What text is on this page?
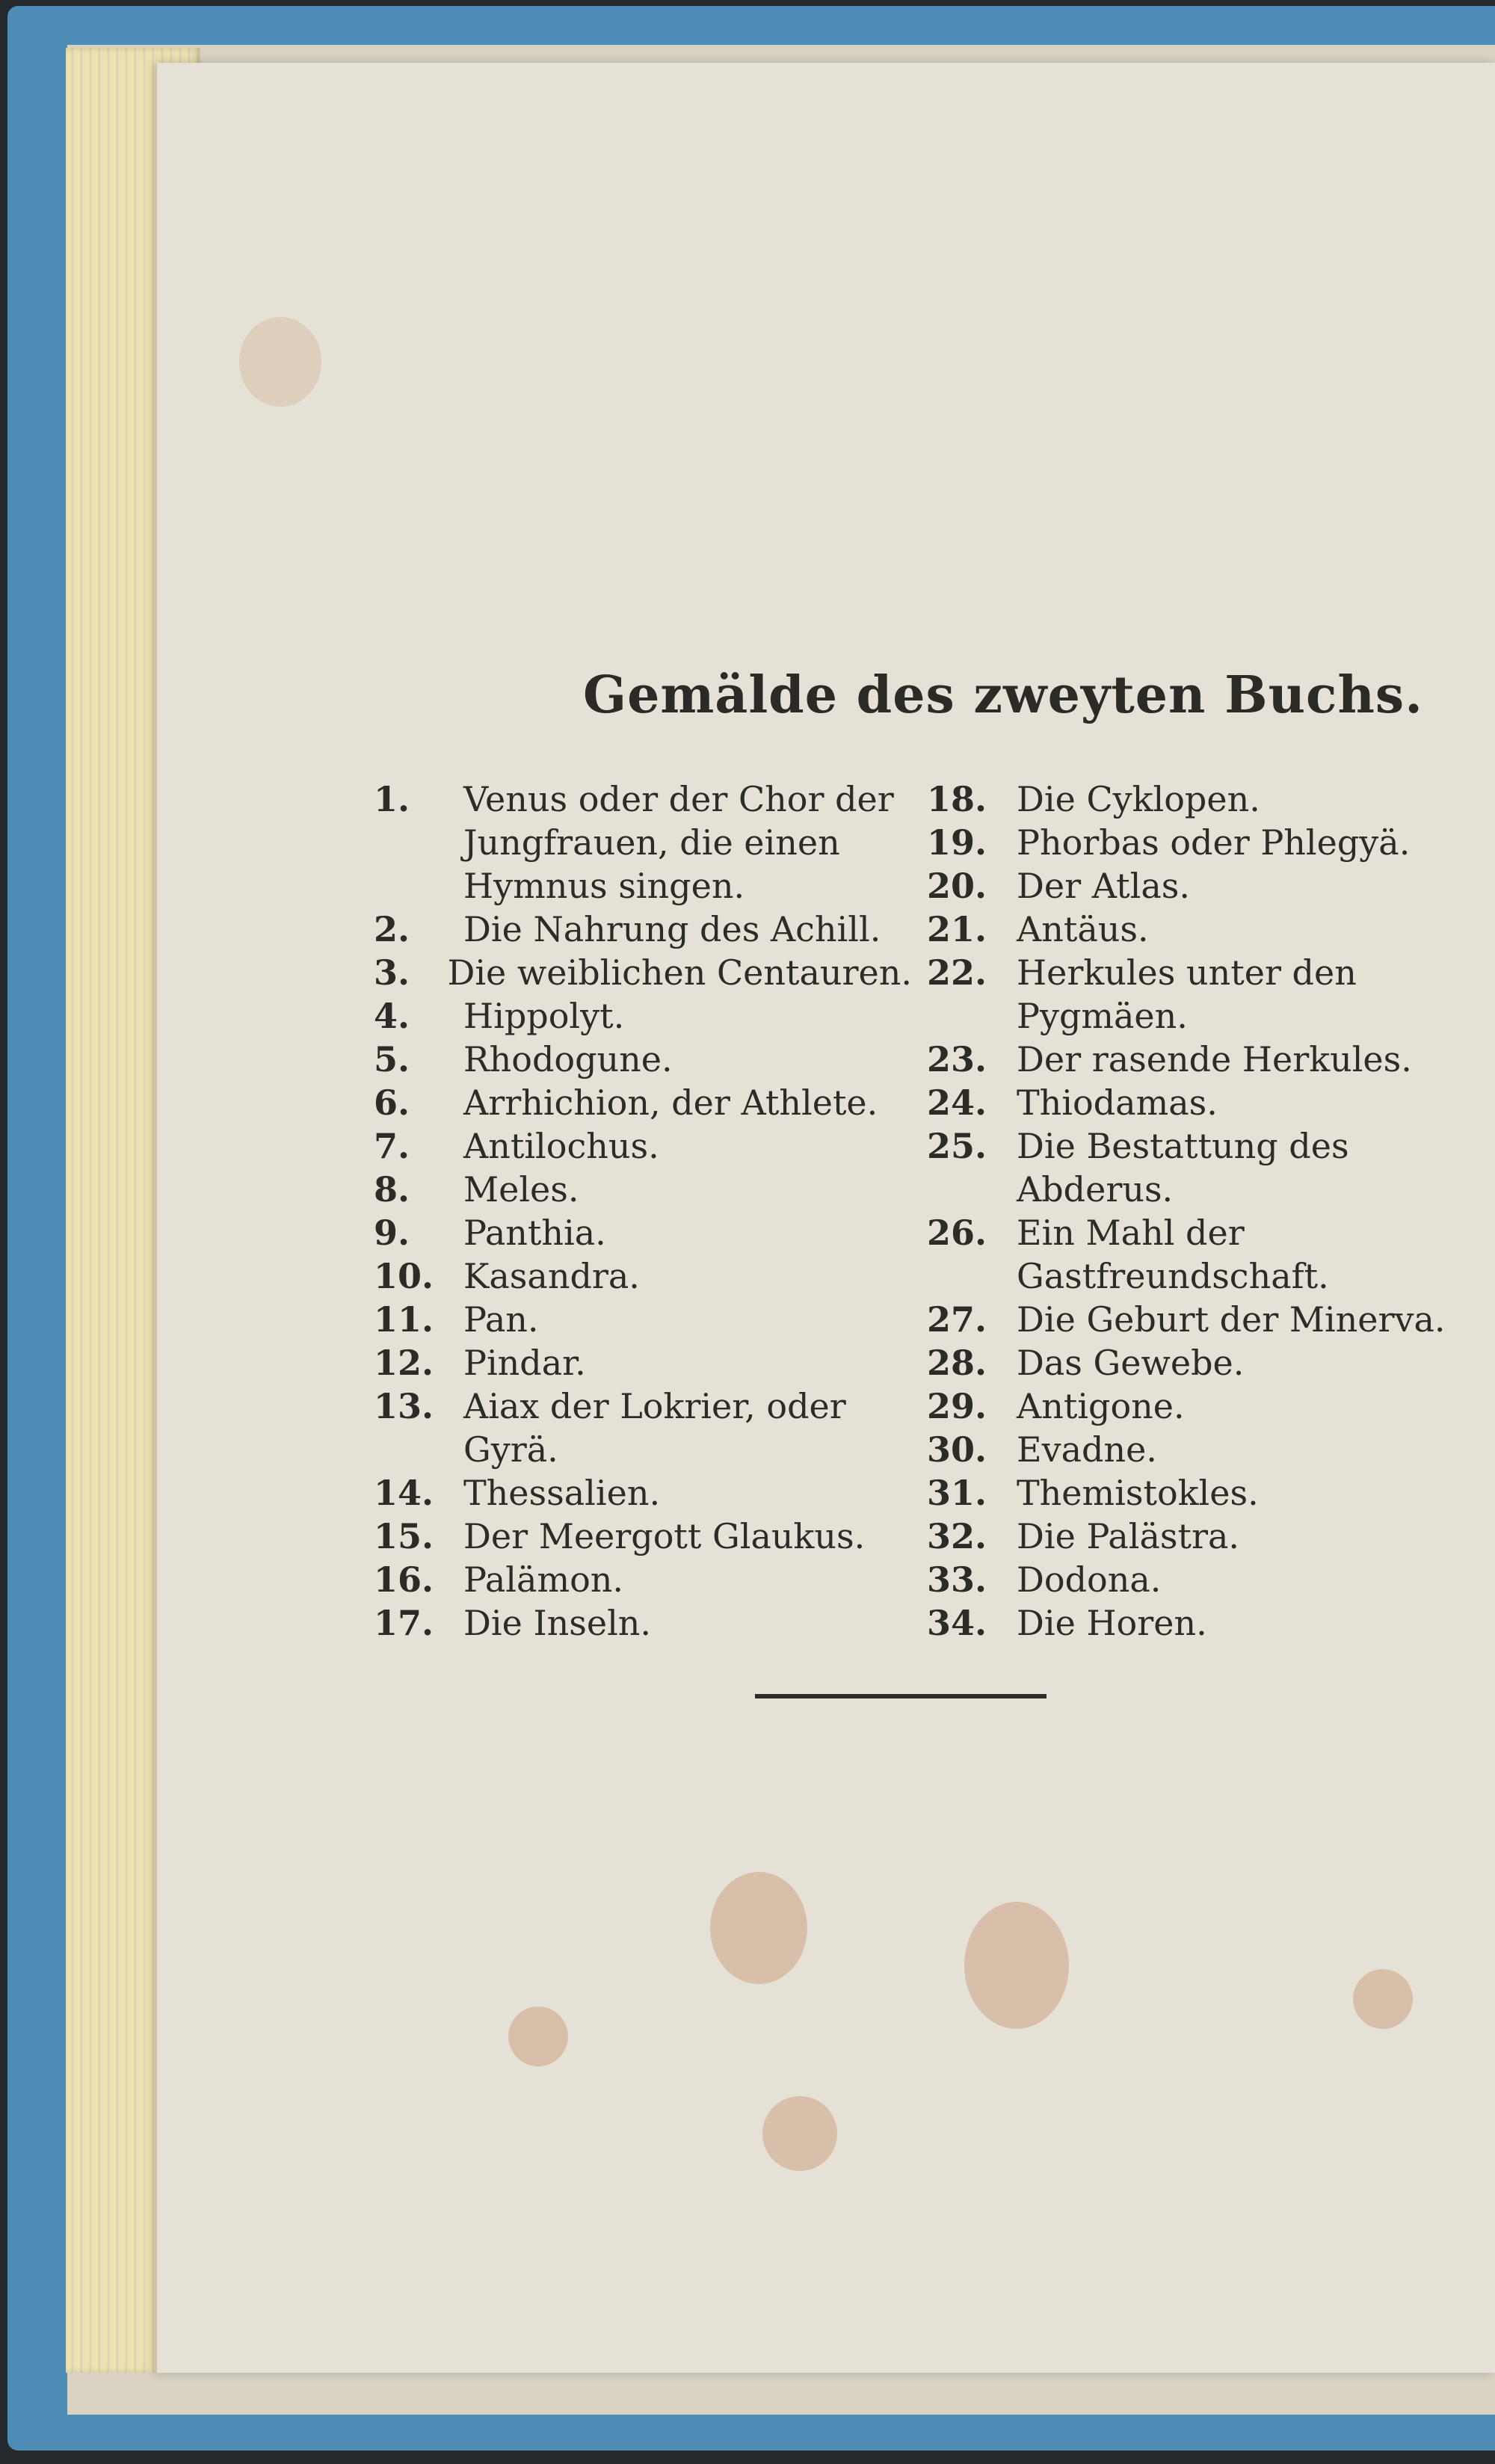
Gemälde des zweyten Buchs.
1.	Venus oder der Chor der Jungfrauen, die einen Hymnus singen.
2.	Die Nahrung des Achill.
3.	Die weiblichen Centauren.
4.	Hippolyt.
5.	Rhodogune.
6.	Arrhichion, der Athlete.
7.	Antilochus.
8.	Meles.
9.	Panthia.
10. Kasandra.
11. Pan.
12. Pindar.
13. Aiax der Lokrier, oder Gyrä.
14. Thessalien.
15. Der Meergott Glaukus.
16. Palämon.
17. Die Inseln.
18. Die Cyklopen.
19. Phorbas oder Phlegyä.
20. Der Atlas.
21. Antäus.
22. Herkules unter den Pygmäen.
23. Der rasende Herkules.
24. Thiodamas.
25. Die Bestattung des Abderus.
26. Ein Mahl der Gastfreundschaft.
27. Die Geburt der Minerva.
28. Das Gewebe.
29. Antigone.
30. Evadne.
31. Themistokles.
32. Die Palästra.
33. Dodona.
34. Die Horen.
